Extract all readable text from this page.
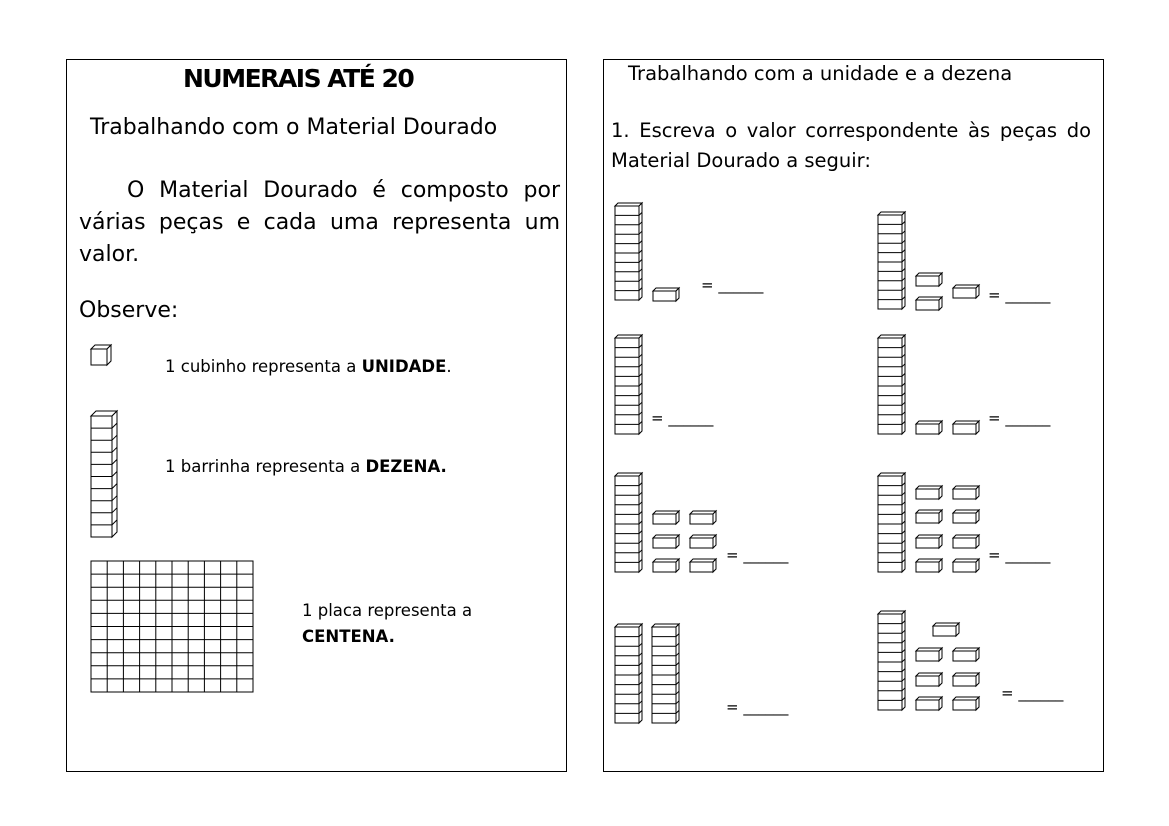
NUMERAIS ATÉ 20
Trabalhando com o Material Dourado
O Material Dourado é composto por várias peças e cada uma representa um valor.
Observe:
1 cubinho representa a UNIDADE.
1 barrinha representa a DEZENA.
1 placa representa a
CENTENA.
Trabalhando com a unidade e a dezena
1. Escreva o valor correspondente às peças do Material Dourado a seguir:
= ______
= ______
= ______	= ______
= ______	= ______
= ______
= ______
